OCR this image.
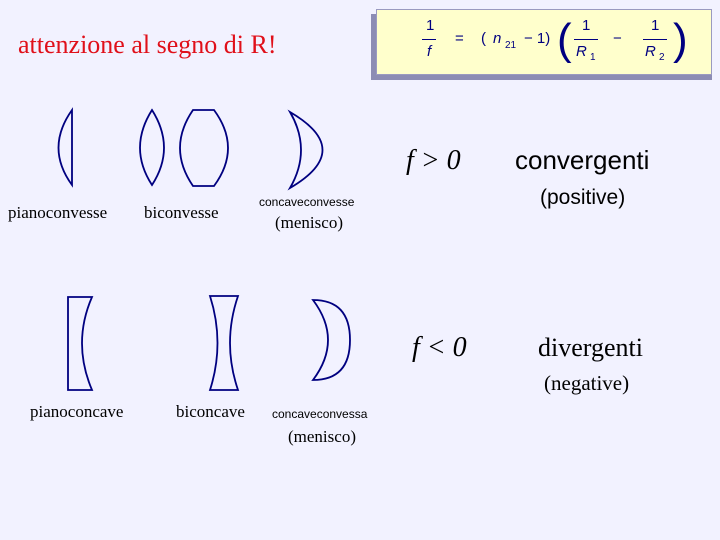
attenzione al segno di R!
1
f
= ( n 21 − 1) ( 1
R 1
−
1
R 2 )
pianoconvesse biconvesse
concaveconvesse
(menisco)
pianoconcave	biconcave concaveconvessa
(menisco)
f > 0 convergenti
(positive)
f < 0	divergenti
(negative)
